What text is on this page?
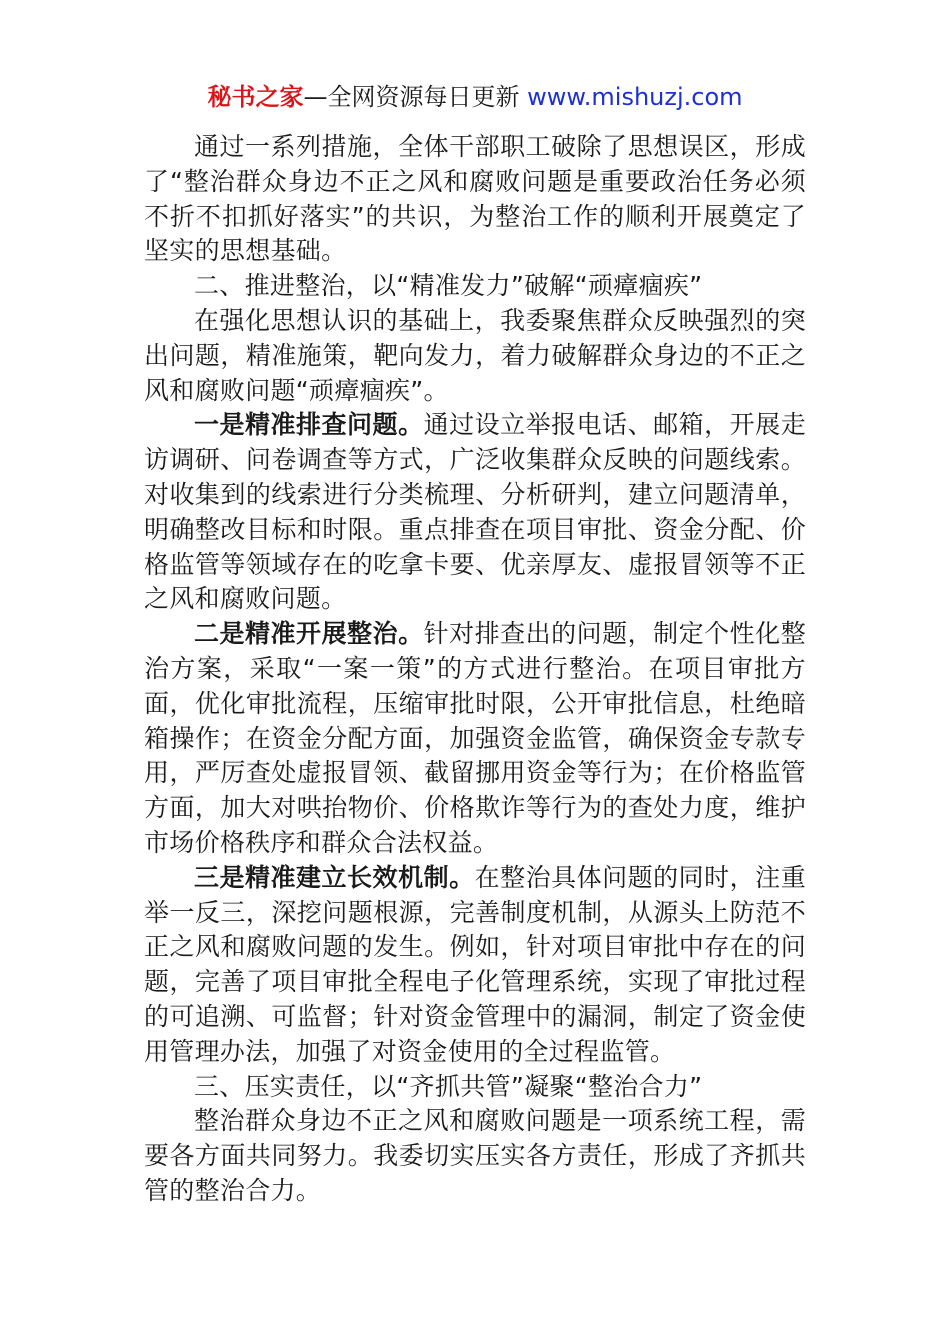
秘书之家—全网资源每日更新 www.mishuzj.com

通过一系列措施，全体干部职工破除了思想误区，形成了“整治群众身边不正之风和腐败问题是重要政治任务必须不折不扣抓好落实”的共识，为整治工作的顺利开展奠定了坚实的思想基础。

二、推进整治，以“精准发力”破解“顽瘴痼疾”

在强化思想认识的基础上，我委聚焦群众反映强烈的突出问题，精准施策，靶向发力，着力破解群众身边的不正之风和腐败问题“顽瘴痼疾”。

一是精准排查问题。通过设立举报电话、邮箱，开展走访调研、问卷调查等方式，广泛收集群众反映的问题线索。对收集到的线索进行分类梳理、分析研判，建立问题清单，明确整改目标和时限。重点排查在项目审批、资金分配、价格监管等领域存在的吃拿卡要、优亲厚友、虚报冒领等不正之风和腐败问题。

二是精准开展整治。针对排查出的问题，制定个性化整治方案，采取“一案一策”的方式进行整治。在项目审批方面，优化审批流程，压缩审批时限，公开审批信息，杜绝暗箱操作；在资金分配方面，加强资金监管，确保资金专款专用，严厉查处虚报冒领、截留挪用资金等行为；在价格监管方面，加大对哄抬物价、价格欺诈等行为的查处力度，维护市场价格秩序和群众合法权益。

三是精准建立长效机制。在整治具体问题的同时，注重举一反三，深挖问题根源，完善制度机制，从源头上防范不正之风和腐败问题的发生。例如，针对项目审批中存在的问题，完善了项目审批全程电子化管理系统，实现了审批过程的可追溯、可监督；针对资金管理中的漏洞，制定了资金使用管理办法，加强了对资金使用的全过程监管。

三、压实责任，以“齐抓共管”凝聚“整治合力”

整治群众身边不正之风和腐败问题是一项系统工程，需要各方面共同努力。我委切实压实各方责任，形成了齐抓共管的整治合力。
